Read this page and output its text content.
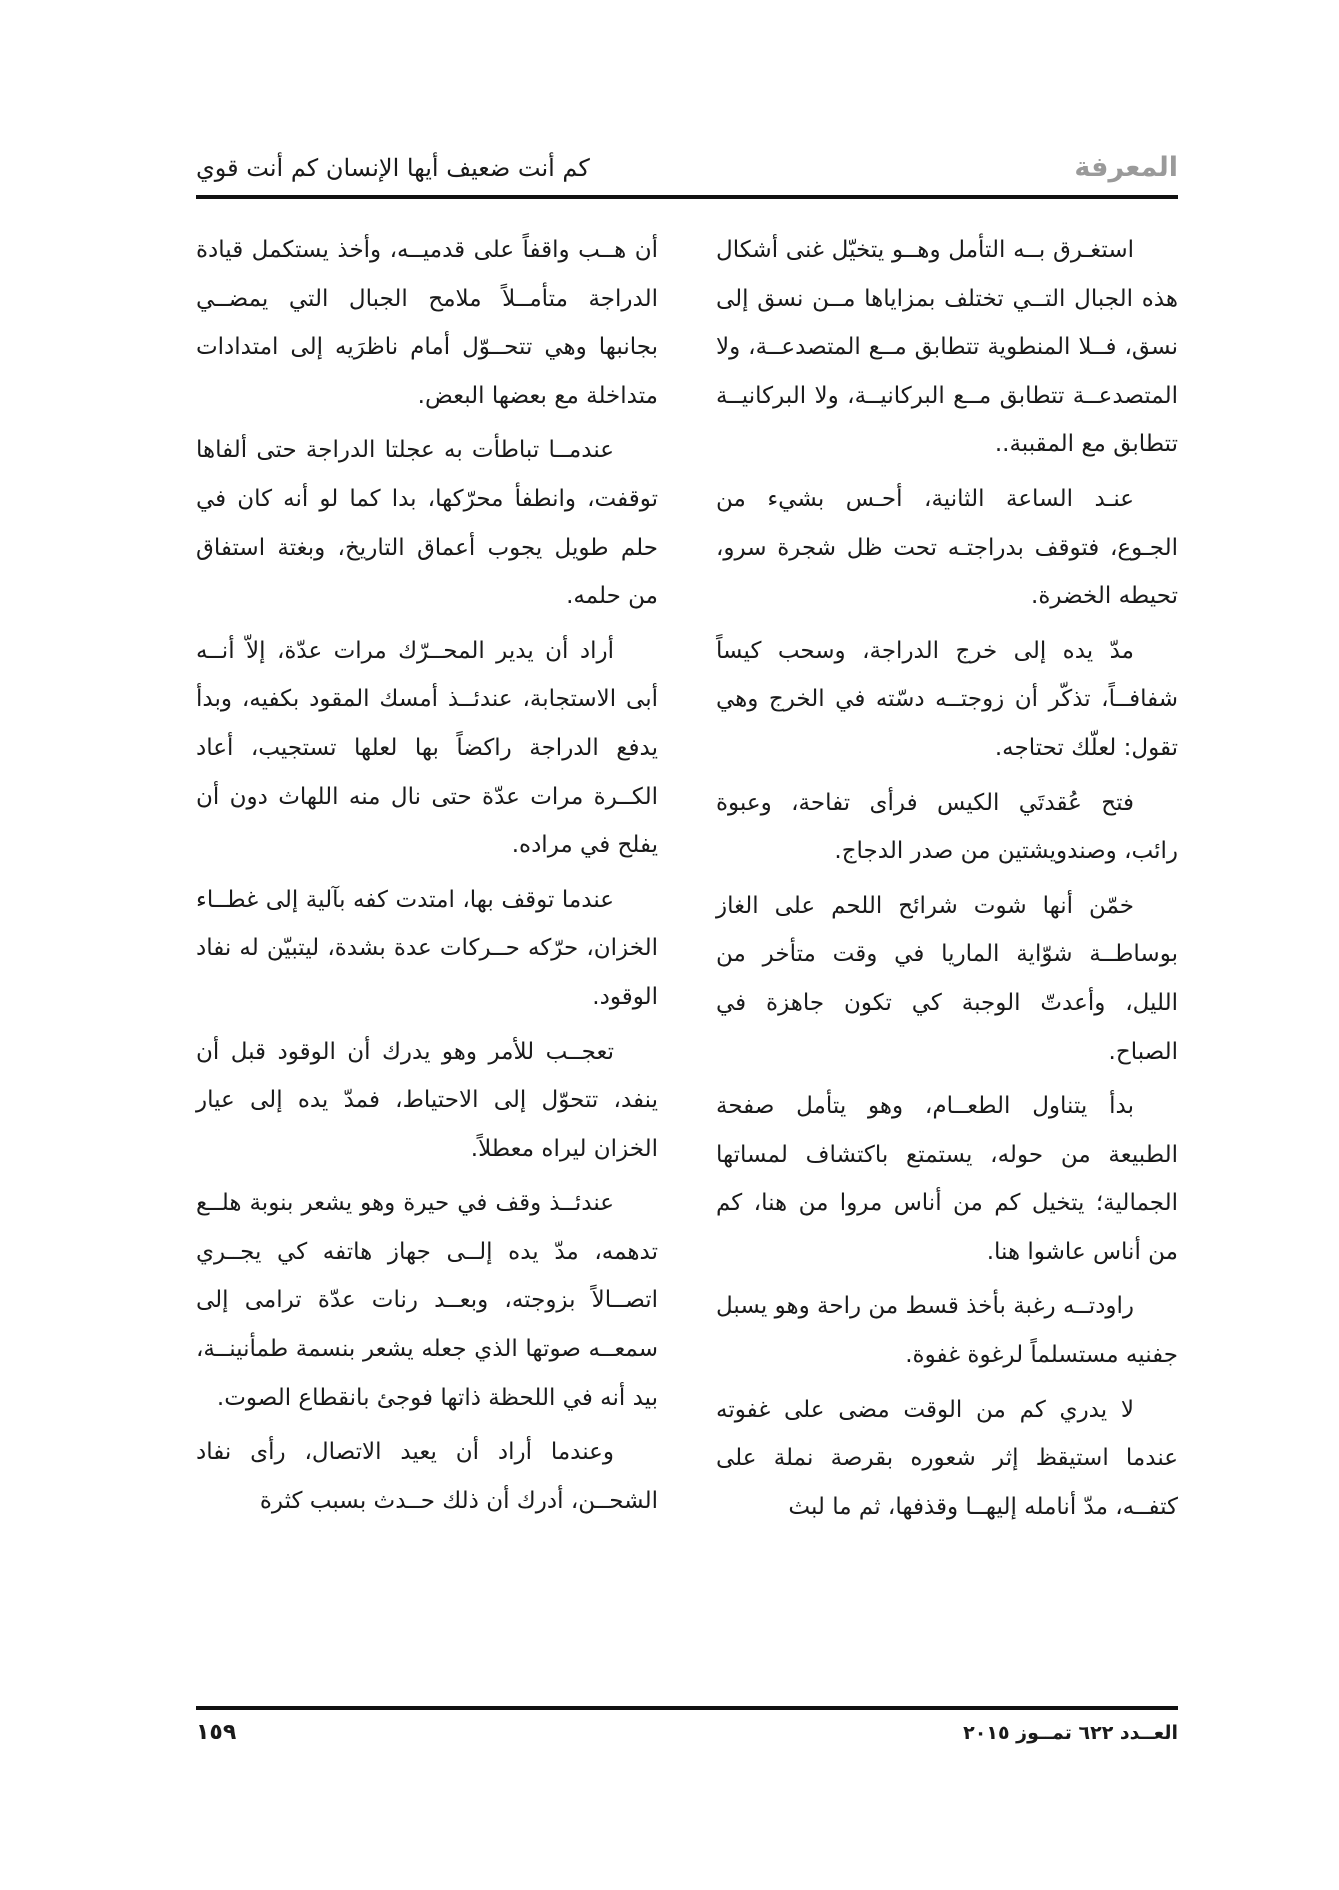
المعرفة
كم أنت ضعيف أيها الإنسان كم أنت قوي

استغـرق بــه التأمل وهــو يتخيّل غنى أشكال هذه الجبال التــي تختلف بمزاياها مــن نسق إلى نسق، فــلا المنطوية تتطابق مــع المتصدعــة، ولا المتصدعــة تتطابق مــع البركانيــة، ولا البركانيــة تتطابق مع المقببة..

عنـد الساعة الثانية، أحـس بشيء من الجـوع، فتوقف بدراجتـه تحت ظل شجرة سرو، تحيطه الخضرة.

مدّ يده إلى خرج الدراجة، وسحب كيساً شفافــاً، تذكّر أن زوجتــه دسّته في الخرج وهي تقول: لعلّك تحتاجه.

فتح عُقدتَي الكيس فرأى تفاحة، وعبوة رائب، وصندويشتين من صدر الدجاج.

خمّن أنها شوت شرائح اللحم على الغاز بوساطــة شوّاية الماريا في وقت متأخر من الليل، وأعدتّ الوجبة كي تكون جاهزة في الصباح.

بدأ يتناول الطعــام، وهو يتأمل صفحة الطبيعة من حوله، يستمتع باكتشاف لمساتها الجمالية؛ يتخيل كم من أناس مروا من هنا، كم من أناس عاشوا هنا.

راودتــه رغبة بأخذ قسط من راحة وهو يسبل جفنيه مستسلماً لرغوة غفوة.

لا يدري كم من الوقت مضى على غفوته عندما استيقظ إثر شعوره بقرصة نملة على كتفــه، مدّ أنامله إليهــا وقذفها، ثم ما لبث

أن هــب واقفاً على قدميــه، وأخذ يستكمل قيادة الدراجة متأمــلاً ملامح الجبال التي يمضــي بجانبها وهي تتحــوّل أمام ناظرَيه إلى امتدادات متداخلة مع بعضها البعض.

عندمــا تباطأت به عجلتا الدراجة حتى ألفاها توقفت، وانطفأ محرّكها، بدا كما لو أنه كان في حلم طويل يجوب أعماق التاريخ، وبغتة استفاق من حلمه.

أراد أن يدير المحــرّك مرات عدّة، إلاّ أنــه أبى الاستجابة، عندئــذ أمسك المقود بكفيه، وبدأ يدفع الدراجة راكضاً بها لعلها تستجيب، أعاد الكــرة مرات عدّة حتى نال منه اللهاث دون أن يفلح في مراده.

عندما توقف بها، امتدت كفه بآلية إلى غطــاء الخزان، حرّكه حــركات عدة بشدة، ليتبيّن له نفاد الوقود.

تعجــب للأمر وهو يدرك أن الوقود قبل أن ينفد، تتحوّل إلى الاحتياط، فمدّ يده إلى عيار الخزان ليراه معطلاً.

عندئــذ وقف في حيرة وهو يشعر بنوبة هلــع تدهمه، مدّ يده إلــى جهاز هاتفه كي يجــري اتصــالاً بزوجته، وبعــد رنات عدّة ترامى إلى سمعــه صوتها الذي جعله يشعر بنسمة طمأنينــة، بيد أنه في اللحظة ذاتها فوجئ بانقطاع الصوت.

وعندما أراد أن يعيد الاتصال، رأى نفاد الشحــن، أدرك أن ذلك حــدث بسبب كثرة

العــدد ٦٢٢ تمــوز ٢٠١٥
١٥٩
